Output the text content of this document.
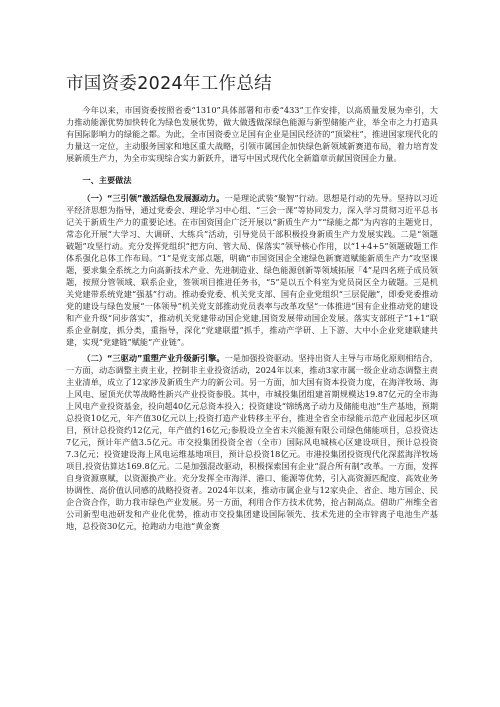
市国资委2024年工作总结

今年以来，市国资委按照省委“1310”具体部署和市委“433”工作安排，以高质量发展为牵引，大力推动能源优势加快转化为绿色发展优势，做大做透做深绿色能源与新型储能产业，举全市之力打造具有国际影响力的绿能之都。为此，全市国资委立足国有企业是国民经济的“顶梁柱”，推进国家现代化的力量这一定位，主动服务国家和地区重大战略，引领市属国企加快绿色新领域新赛道布局，着力培育发展新质生产力，为全市实现综合实力新跃升，谱写中国式现代化全新篇章贡献国资国企力量。

一、主要做法

（一）“三引领”激活绿色发展源动力。一是理论武装“聚智”行动。思想是行动的先导。坚持以习近平经济思想为指导，通过党委会、理论学习中心组、“三会一课”等协同发力，深入学习贯彻习近平总书记关于新质生产力的重要论述。在市国资国企广泛开展以“新质生产力”“绿能之都”为内容的主题党日，常态化开展“大学习、大调研、大练兵”活动，引导党员干部积极投身新质生产力发展实践。二是“领题破题”攻坚行动。充分发挥党组织“把方向、管大局、保落实”领导核心作用，以“1+4+5”领题破题工作体系强化总体工作布局。“1”是党支部点题，明确“市国资国企全速绿色新赛道赋能新质生产力”攻坚课题，要求集全系统之力向高新技术产业、先进制造业、绿色能源创新等领域拓展「4”是四名班子成员领题，按照分管领域、联系企业，签领项目推进任务书，“5”是以五个科室为党员岗区全力破题。三是机关党建带系统党建“强基”行动。推动委党委、机关党支部、国有企业党组织“三层促融”，即委党委推动党的建设与绿色发展“一体领导”机关党支部推动党员表率与改革攻坚“一体推进”国有企业推动党的建设和产业升级“同步落实”，推动机关党建带动国企党建,国资发展带动国企发展。落实支部班子“1+1”联系企业制度，抓分类，重指导，深化“党建联盟”抓手，推动产学研、上下游、大中小企业党建联建共建，实现“党建链”赋能“产业链”。

（二）“三驱动”重塑产业升级新引擎。一是加强投资驱动。坚持出资人主导与市场化原则相结合，一方面，动态调整主责主业，控制非主业投资活动，2024年以来，推动3家市属一级企业动态调整主责主业清单，成立了12家涉及新质生产力的新公司。另一方面，加大国有资本投资力度，在海洋牧场、海上风电、屋顶光伏等战略性新兴产业投资参股。其中，市城投集团组建首期规模达19.87亿元的全市海上风电产业投资基金，投向超40亿元总资本投入；投资建设“锦绣离子动力及储能电池”生产基地，预期总投资10亿元，年产值30亿元以上;投资打造产业转移主平台，推进全省全市绿能示范产业园起步区项目，预计总投资约12亿元，年产值约16亿元;参股设立全省未兴能源有限公司绿色储能项目，总投资达7亿元，预计年产值3.5亿元。市交投集团投资全省（全市）国际风电城核心区建设项目，预计总投资7.3亿元；投资建设海上风电运维基地项目，预计总投资18亿元。市港投集团投资现代化深蓝海洋牧场项目,投资估算达169.8亿元。二是加强混改驱动，积极探索国有企业“混合所有制”改革。一方面，发挥自身资源禀赋，以资源换产业。充分发挥全市海洋、港口、能源等优势，引入高资源匹配度、高效业务协调性、高价值认同感的战略投资者。2024年以来，推动市属企业与12家央企、省企、地方国企、民企合资合作，助力我市绿色产业发展。另一方面，利用合作方技术优势，抢占制高点。借助广州维全省公司新型电池研发和产业化优势，推动市交投集团建设国际领先、技术先进的全市锌离子电池生产基地，总投资30亿元，抢跑动力电池“黄金赛
